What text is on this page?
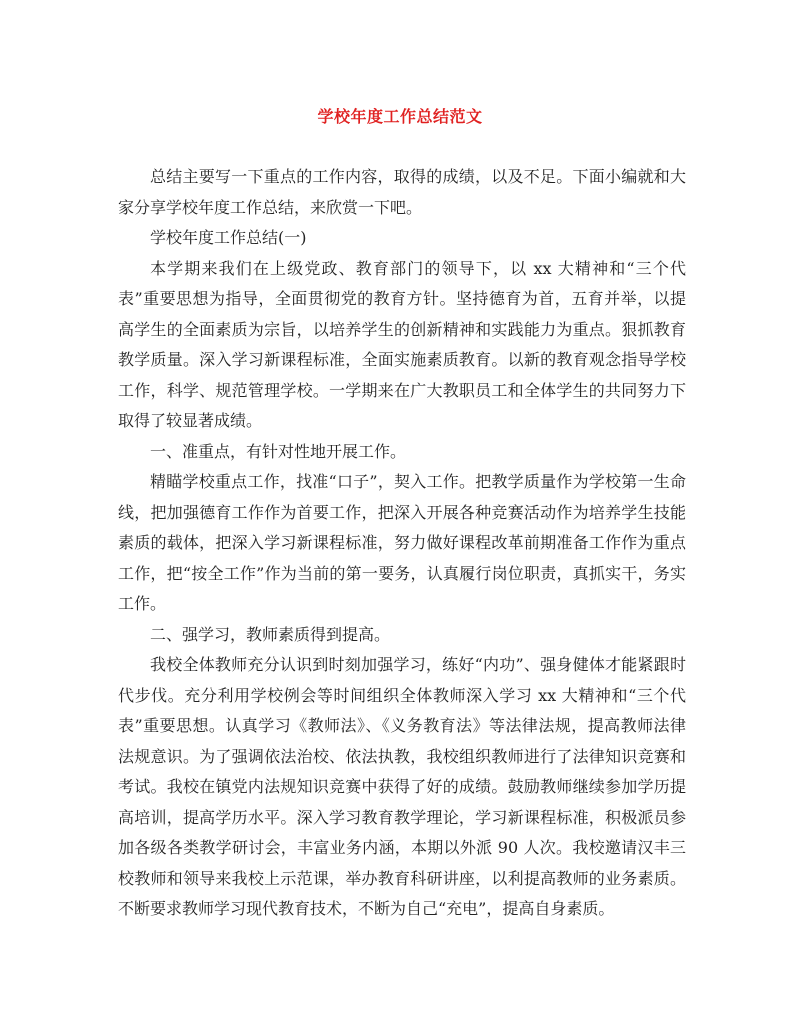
学校年度工作总结范文

总结主要写一下重点的工作内容，取得的成绩，以及不足。下面小编就和大家分享学校年度工作总结，来欣赏一下吧。

学校年度工作总结(一)

本学期来我们在上级党政、教育部门的领导下，以 xx 大精神和“三个代表”重要思想为指导，全面贯彻党的教育方针。坚持德育为首，五育并举，以提高学生的全面素质为宗旨，以培养学生的创新精神和实践能力为重点。狠抓教育教学质量。深入学习新课程标准，全面实施素质教育。以新的教育观念指导学校工作，科学、规范管理学校。一学期来在广大教职员工和全体学生的共同努力下取得了较显著成绩。

一、准重点，有针对性地开展工作。

精瞄学校重点工作，找准“口子”，契入工作。把教学质量作为学校第一生命线，把加强德育工作作为首要工作，把深入开展各种竞赛活动作为培养学生技能素质的载体，把深入学习新课程标准，努力做好课程改革前期准备工作作为重点工作，把“按全工作”作为当前的第一要务，认真履行岗位职责，真抓实干，务实工作。

二、强学习，教师素质得到提高。

我校全体教师充分认识到时刻加强学习，练好“内功”、强身健体才能紧跟时代步伐。充分利用学校例会等时间组织全体教师深入学习 xx 大精神和“三个代表”重要思想。认真学习《教师法》、《义务教育法》等法律法规，提高教师法律法规意识。为了强调依法治校、依法执教，我校组织教师进行了法律知识竞赛和考试。我校在镇党内法规知识竞赛中获得了好的成绩。鼓励教师继续参加学历提高培训，提高学历水平。深入学习教育教学理论，学习新课程标准，积极派员参加各级各类教学研讨会，丰富业务内涵，本期以外派 90 人次。我校邀请汉丰三校教师和领导来我校上示范课，举办教育科研讲座，以利提高教师的业务素质。不断要求教师学习现代教育技术，不断为自己“充电”，提高自身素质。
